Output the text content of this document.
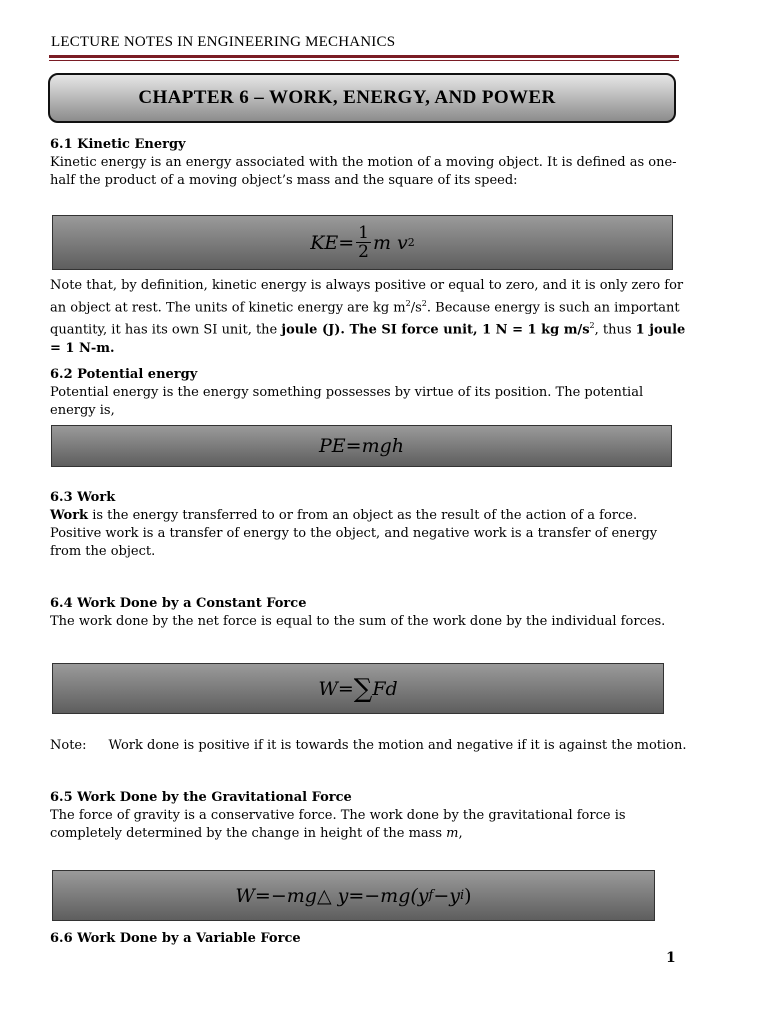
LECTURE NOTES IN ENGINEERING MECHANICS
CHAPTER 6 – WORK, ENERGY, AND POWER
6.1 Kinetic Energy
Kinetic energy is an energy associated with the motion of a moving object. It is defined as one-half the product of a moving object’s mass and the square of its speed:
$KE= \frac{1}{2}$ m v 2
Note that, by definition, kinetic energy is always positive or equal to zero, and it is only zero for an object at rest. The units of kinetic energy are kg $m^2/s^2$. Because energy is such an important quantity, it has its own SI unit, the joule (J). The SI force unit, 1 N = 1 kg $m/s^2$, thus 1 joule = 1 N-m.
6.2 Potential energy
Potential energy is the energy something possesses by virtue of its position. The potential energy is,
PE=mgh
6.3 Work
Work is the energy transferred to or from an object as the result of the action of a force. Positive work is a transfer of energy to the object, and negative work is a transfer of energy from the object.
6.4 Work Done by a Constant Force
The work done by the net force is equal to the sum of the work done by the individual forces.
W= ∑ Fd
Note: Work done is positive if it is towards the motion and negative if it is against the motion.
6.5 Work Done by the Gravitational Force
The force of gravity is a conservative force. The work done by the gravitational force is completely determined by the change in height of the mass m,
W=−mg△ y=−mg(y f −y i )
6.6 Work Done by a Variable Force
1
